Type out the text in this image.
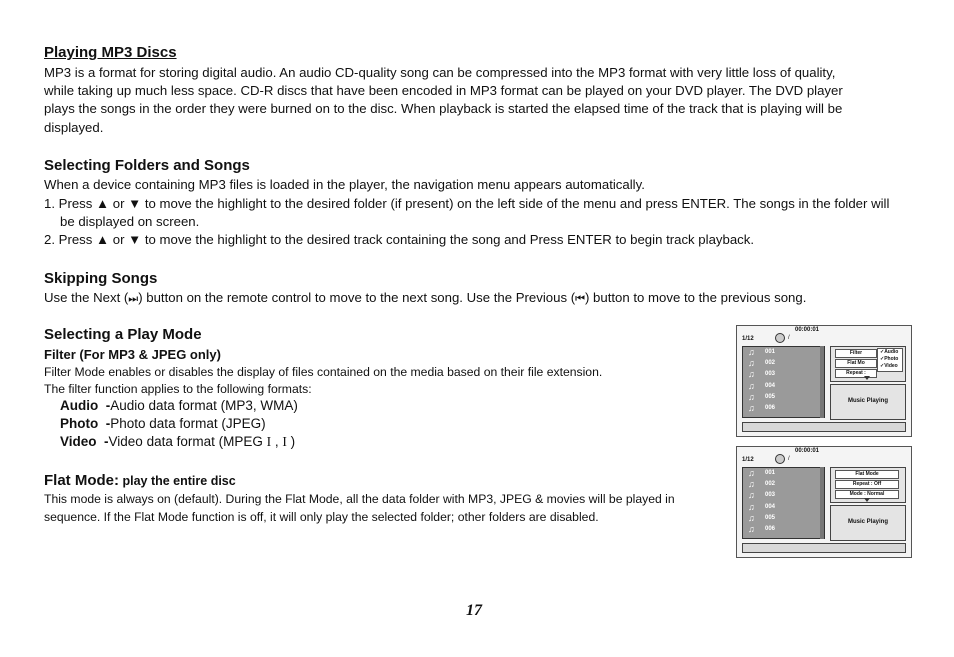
Playing MP3 Discs
MP3 is a format for storing digital audio. An audio CD-quality song can be compressed into the MP3 format with very little loss of quality,
while taking up much less space. CD-R discs that have been encoded in MP3 format can be played on your DVD player. The DVD player
plays the songs in the order they were burned on to the disc. When playback is started the elapsed time of the track that is playing will be
displayed.
Selecting Folders and Songs
When a device containing MP3 files is loaded in the player, the navigation menu appears automatically.
1. Press ▲ or ▼ to move the highlight to the desired folder (if present) on the left side of the menu and press ENTER. The songs in the folder will
be displayed on screen.
2. Press ▲ or ▼ to move the highlight to the desired track containing the song and Press ENTER to begin track playback.
Skipping Songs
Use the Next (⏭) button on the remote control to move to the next song. Use the Previous (⏮) button to move to the previous song.
Selecting a Play Mode
Filter (For MP3 & JPEG only)
Filter Mode enables or disables the display of files contained on the media based on their file extension.
The filter function applies to the following formats:
Audio -Audio data format (MP3, WMA)
Photo -Photo data format (JPEG)
Video -Video data format (MPEG I , I )
Flat Mode: play the entire disc
This mode is always on (default). During the Flat Mode, all the data folder with MP3, JPEG & movies will be played in
sequence. If the Flat Mode function is off, it will only play the selected folder; other folders are disabled.
00:00:01
1/12	/
♫ 001
♫ 002
♫ 003
♫ 004
♫ 005
♫ 006
Filter
Flat Mo
Repeat :
✓Audio
✓Photo
✓Video
Music Playing
00:00:01
1/12	/
♫ 001
♫ 002
♫ 003
♫ 004
♫ 005
♫ 006
Flat Mode
Repeat : Off
Mode : Normal
Music Playing
17
